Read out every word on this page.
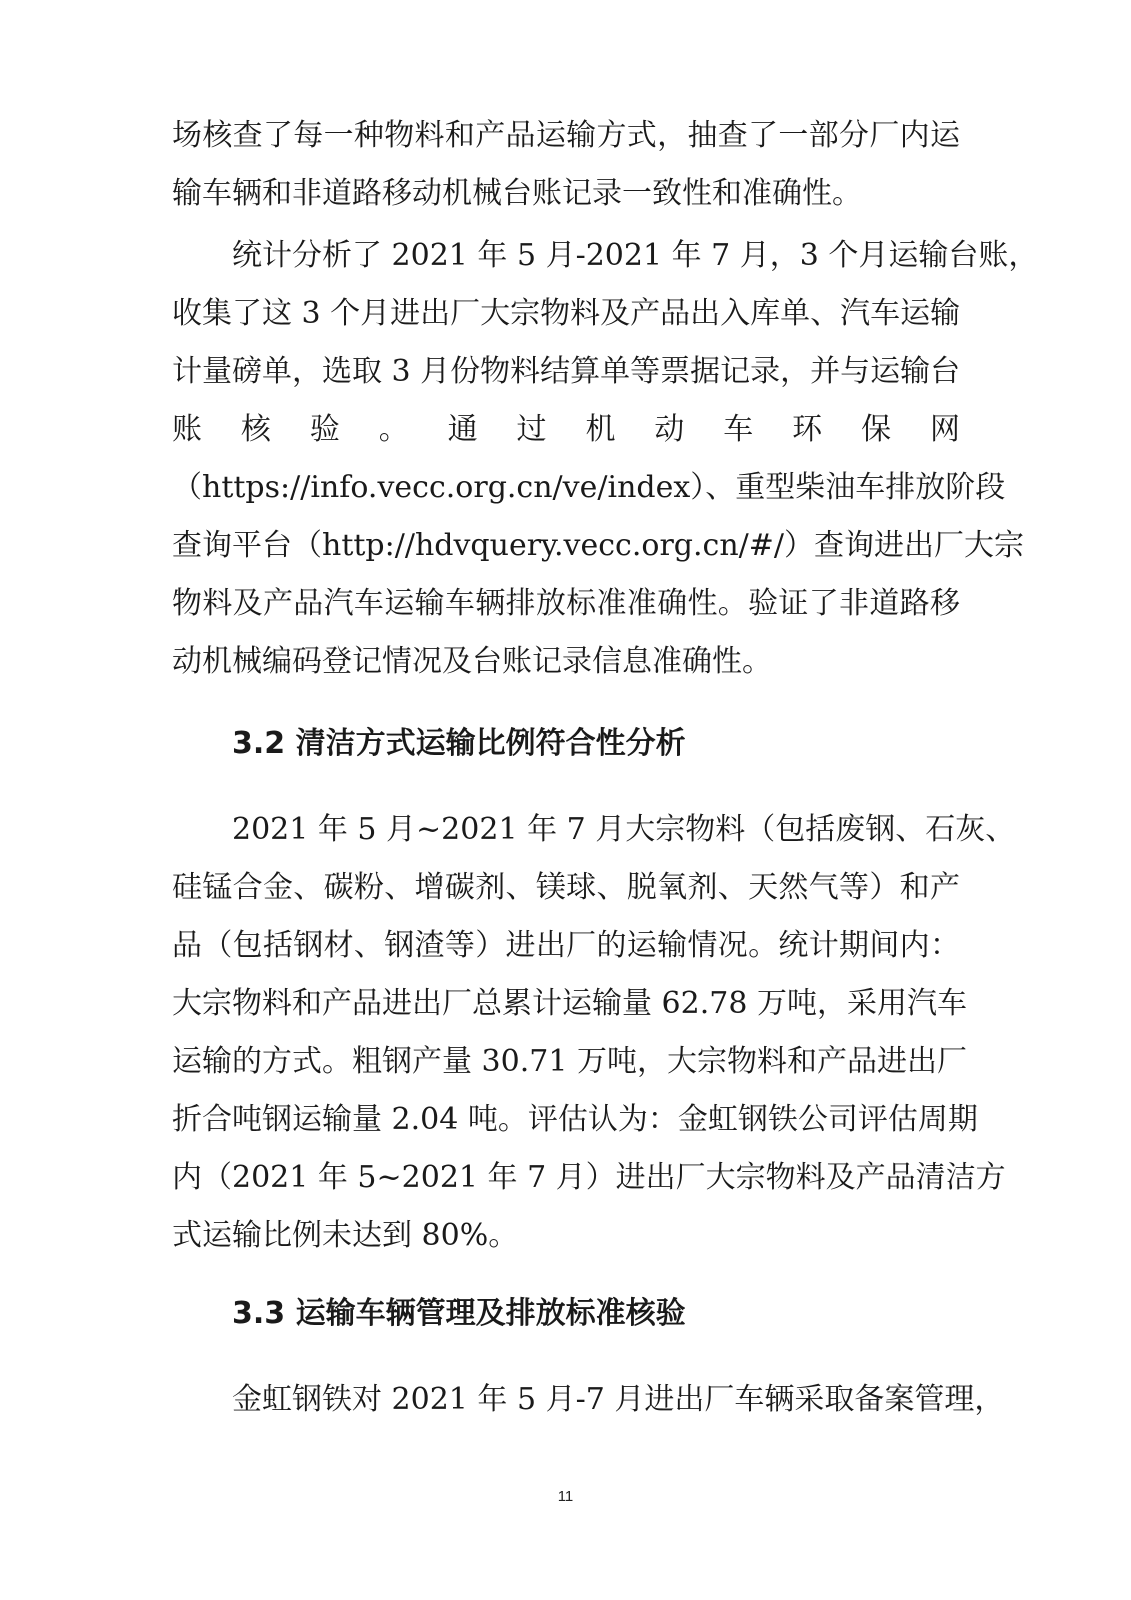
场核查了每一种物料和产品运输方式，抽查了一部分厂内运
输车辆和非道路移动机械台账记录一致性和准确性。
统计分析了 2021 年 5 月-2021 年 7 月，3 个月运输台账，
收集了这 3 个月进出厂大宗物料及产品出入库单、汽车运输
计量磅单，选取 3 月份物料结算单等票据记录，并与运输台
账核验。通过机动车环保网
（https://info.vecc.org.cn/ve/index）、重型柴油车排放阶段
查询平台（http://hdvquery.vecc.org.cn/#/）查询进出厂大宗
物料及产品汽车运输车辆排放标准准确性。验证了非道路移
动机械编码登记情况及台账记录信息准确性。
3.2 清洁方式运输比例符合性分析
2021 年 5 月~2021 年 7 月大宗物料（包括废钢、石灰、
硅锰合金、碳粉、增碳剂、镁球、脱氧剂、天然气等）和产
品（包括钢材、钢渣等）进出厂的运输情况。统计期间内：
大宗物料和产品进出厂总累计运输量 62.78 万吨，采用汽车
运输的方式。粗钢产量 30.71 万吨，大宗物料和产品进出厂
折合吨钢运输量 2.04 吨。评估认为：金虹钢铁公司评估周期
内（2021 年 5~2021 年 7 月）进出厂大宗物料及产品清洁方
式运输比例未达到 80%。
3.3 运输车辆管理及排放标准核验
金虹钢铁对 2021 年 5 月-7 月进出厂车辆采取备案管理，
11
